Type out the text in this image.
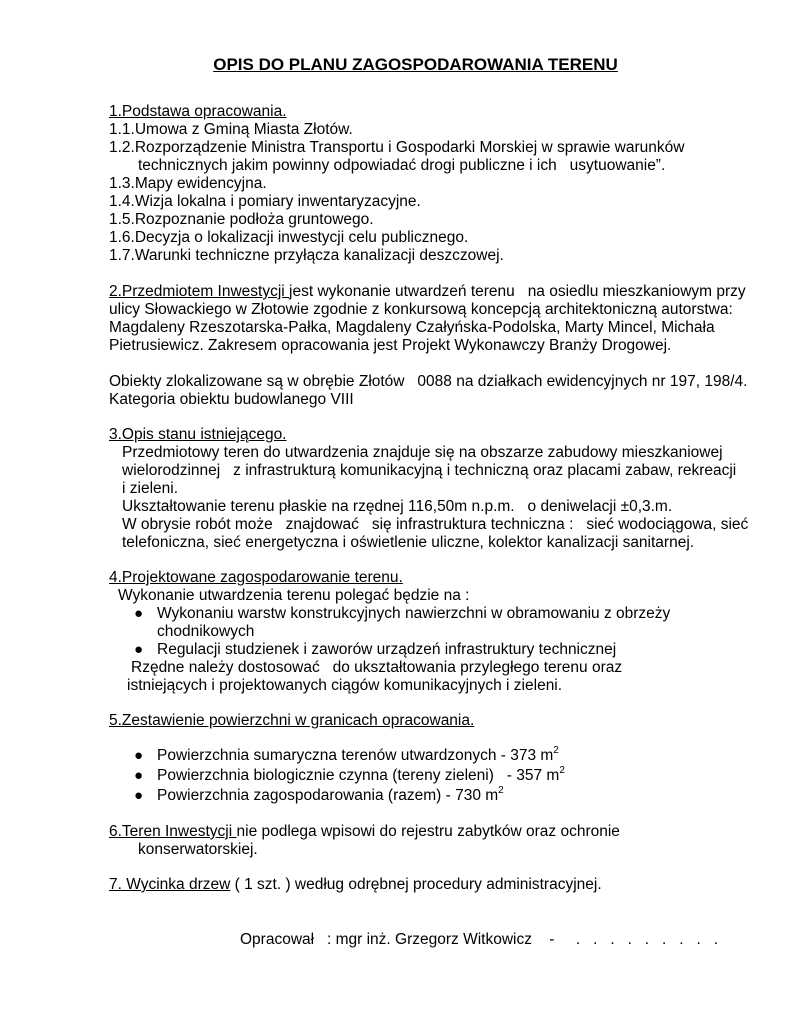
OPIS DO PLANU ZAGOSPODAROWANIA TERENU
1.Podstawa opracowania.
1.1.Umowa z Gminą Miasta Złotów.
1.2.Rozporządzenie Ministra Transportu i Gospodarki Morskiej w sprawie warunków
technicznych jakim powinny odpowiadać drogi publiczne i ich   usytuowanie”.
1.3.Mapy ewidencyjna.
1.4.Wizja lokalna i pomiary inwentaryzacyjne.
1.5.Rozpoznanie podłoża gruntowego.
1.6.Decyzja o lokalizacji inwestycji celu publicznego.
1.7.Warunki techniczne przyłącza kanalizacji deszczowej.
2.Przedmiotem Inwestycji jest wykonanie utwardzeń terenu   na osiedlu mieszkaniowym przy
ulicy Słowackiego w Złotowie zgodnie z konkursową koncepcją architektoniczną autorstwa:
Magdaleny Rzeszotarska-Pałka, Magdaleny Czałyńska-Podolska, Marty Mincel, Michała
Pietrusiewicz. Zakresem opracowania jest Projekt Wykonawczy Branży Drogowej.
Obiekty zlokalizowane są w obrębie Złotów   0088 na działkach ewidencyjnych nr 197, 198/4.
Kategoria obiektu budowlanego VIII
3.Opis stanu istniejącego.
Przedmiotowy teren do utwardzenia znajduje się na obszarze zabudowy mieszkaniowej
wielorodzinnej   z infrastrukturą komunikacyjną i techniczną oraz placami zabaw, rekreacji
i zieleni.
Ukształtowanie terenu płaskie na rzędnej 116,50m n.p.m.   o deniwelacji ±0,3.m.
W obrysie robót może   znajdować   się infrastruktura techniczna :   sieć wodociągowa, sieć
telefoniczna, sieć energetyczna i oświetlenie uliczne, kolektor kanalizacji sanitarnej.
4.Projektowane zagospodarowanie terenu.
Wykonanie utwardzenia terenu polegać będzie na :
● Wykonaniu warstw konstrukcyjnych nawierzchni w obramowaniu z obrzeży
chodnikowych
● Regulacji studzienek i zaworów urządzeń infrastruktury technicznej
Rzędne należy dostosować   do ukształtowania przyległego terenu oraz
istniejących i projektowanych ciągów komunikacyjnych i zieleni.
5.Zestawienie powierzchni w granicach opracowania.
● Powierzchnia sumaryczna terenów utwardzonych - 373 $m^2$
● Powierzchnia biologicznie czynna (tereny zieleni)   - 357 $m^2$
● Powierzchnia zagospodarowania (razem) - 730 $m^2$
6.Teren Inwestycji nie podlega wpisowi do rejestru zabytków oraz ochronie
konserwatorskiej.
7. Wycinka drzew ( 1 szt. ) według odrębnej procedury administracyjnej.
Opracował   : mgr inż. Grzegorz Witkowicz    -     .   .   .   .   .   .   .   .   .
